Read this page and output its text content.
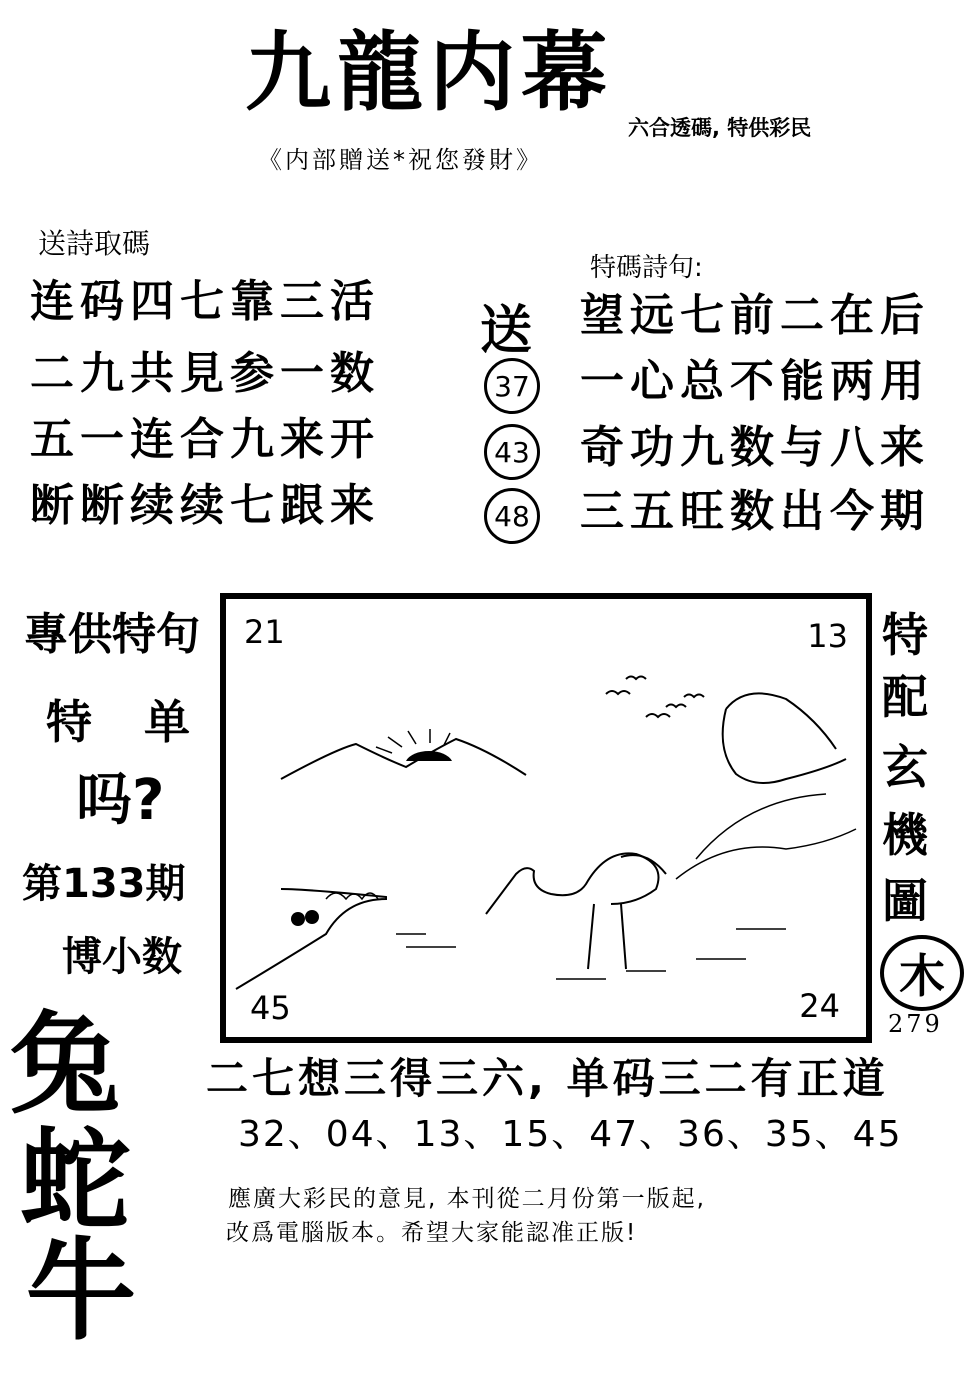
九龍内幕
六合透碼, 特供彩民
《内部贈送*祝您發財》
送詩取碼
连码四七靠三活
二九共見参一数
五一连合九来开
断断续续七跟来
特碼詩句:
送
37
43
48
望远七前二在后
一心总不能两用
奇功九数与八来
三五旺数出今期
專供特句
特 单
吗?
第133期
博小数
兔
蛇
牛
21	13
45	24
特
配
玄
機
圖
木
279
二七想三得三六, 单码三二有正道
32、04、13、15、47、36、35、45
應廣大彩民的意見, 本刊從二月份第一版起,
改爲電腦版本。希望大家能認准正版!
